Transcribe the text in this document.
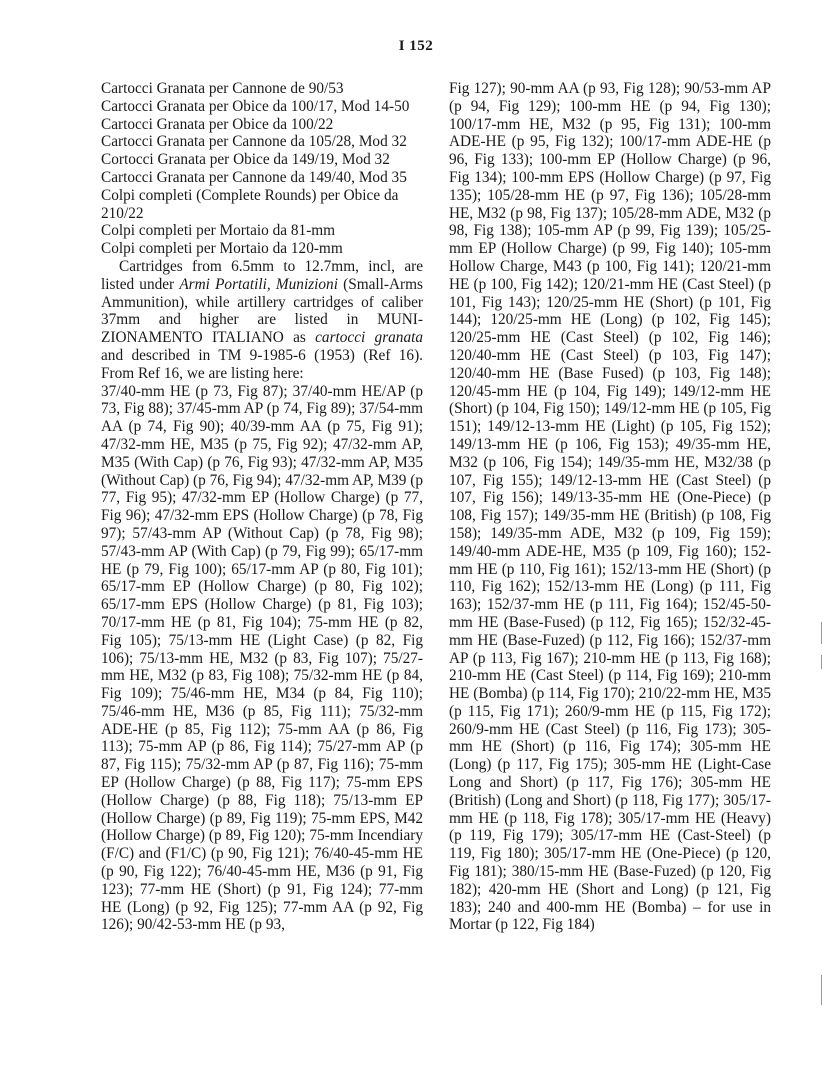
I 152

Cartocci Granata per Cannone de 90/53

Cartocci Granata per Obice da 100/17, Mod 14-50

Cartocci Granata per Obice da 100/22

Cartocci Granata per Cannone da 105/28, Mod 32

Cortocci Granata per Obice da 149/19, Mod 32

Cartocci Granata per Cannone da 149/40, Mod 35

Colpi completi (Complete Rounds) per Obice da 210/22

Colpi completi per Mortaio da 81-mm

Colpi completi per Mortaio da 120-mm

Cartridges from 6.5mm to 12.7mm, incl, are listed under Armi Portatili, Munizioni (Small-Arms Ammunition), while artillery cartridges of caliber 37mm and higher are listed in MUNI-ZIONAMENTO ITALIANO as cartocci granata and described in TM 9-1985-6 (1953) (Ref 16). From Ref 16, we are listing here:

37/40-mm HE (p 73, Fig 87); 37/40-mm HE/AP (p 73, Fig 88); 37/45-mm AP (p 74, Fig 89); 37/54-mm AA (p 74, Fig 90); 40/39-mm AA (p 75, Fig 91); 47/32-mm HE, M35 (p 75, Fig 92); 47/32-mm AP, M35 (With Cap) (p 76, Fig 93); 47/32-mm AP, M35 (Without Cap) (p 76, Fig 94); 47/32-mm AP, M39 (p 77, Fig 95); 47/32-mm EP (Hollow Charge) (p 77, Fig 96); 47/32-mm EPS (Hollow Charge) (p 78, Fig 97); 57/43-mm AP (Without Cap) (p 78, Fig 98); 57/43-mm AP (With Cap) (p 79, Fig 99); 65/17-mm HE (p 79, Fig 100); 65/17-mm AP (p 80, Fig 101); 65/17-mm EP (Hollow Charge) (p 80, Fig 102); 65/17-mm EPS (Hollow Charge) (p 81, Fig 103); 70/17-mm HE (p 81, Fig 104); 75-mm HE (p 82, Fig 105); 75/13-mm HE (Light Case) (p 82, Fig 106); 75/13-mm HE, M32 (p 83, Fig 107); 75/27-mm HE, M32 (p 83, Fig 108); 75/32-mm HE (p 84, Fig 109); 75/46-mm HE, M34 (p 84, Fig 110); 75/46-mm HE, M36 (p 85, Fig 111); 75/32-mm ADE-HE (p 85, Fig 112); 75-mm AA (p 86, Fig 113); 75-mm AP (p 86, Fig 114); 75/27-mm AP (p 87, Fig 115); 75/32-mm AP (p 87, Fig 116); 75-mm EP (Hollow Charge) (p 88, Fig 117); 75-mm EPS (Hollow Charge) (p 88, Fig 118); 75/13-mm EP (Hollow Charge) (p 89, Fig 119); 75-mm EPS, M42 (Hollow Charge) (p 89, Fig 120); 75-mm Incendiary (F/C) and (F1/C) (p 90, Fig 121); 76/40-45-mm HE (p 90, Fig 122); 76/40-45-mm HE, M36 (p 91, Fig 123); 77-mm HE (Short) (p 91, Fig 124); 77-mm HE (Long) (p 92, Fig 125); 77-mm AA (p 92, Fig 126); 90/42-53-mm HE (p 93,

Fig 127); 90-mm AA (p 93, Fig 128); 90/53-mm AP (p 94, Fig 129); 100-mm HE (p 94, Fig 130); 100/17-mm HE, M32 (p 95, Fig 131); 100-mm ADE-HE (p 95, Fig 132); 100/17-mm ADE-HE (p 96, Fig 133); 100-mm EP (Hollow Charge) (p 96, Fig 134); 100-mm EPS (Hollow Charge) (p 97, Fig 135); 105/28-mm HE (p 97, Fig 136); 105/28-mm HE, M32 (p 98, Fig 137); 105/28-mm ADE, M32 (p 98, Fig 138); 105-mm AP (p 99, Fig 139); 105/25-mm EP (Hollow Charge) (p 99, Fig 140); 105-mm Hollow Charge, M43 (p 100, Fig 141); 120/21-mm HE (p 100, Fig 142); 120/21-mm HE (Cast Steel) (p 101, Fig 143); 120/25-mm HE (Short) (p 101, Fig 144); 120/25-mm HE (Long) (p 102, Fig 145); 120/25-mm HE (Cast Steel) (p 102, Fig 146); 120/40-mm HE (Cast Steel) (p 103, Fig 147); 120/40-mm HE (Base Fused) (p 103, Fig 148); 120/45-mm HE (p 104, Fig 149); 149/12-mm HE (Short) (p 104, Fig 150); 149/12-mm HE (p 105, Fig 151); 149/12-13-mm HE (Light) (p 105, Fig 152); 149/13-mm HE (p 106, Fig 153); 49/35-mm HE, M32 (p 106, Fig 154); 149/35-mm HE, M32/38 (p 107, Fig 155); 149/12-13-mm HE (Cast Steel) (p 107, Fig 156); 149/13-35-mm HE (One-Piece) (p 108, Fig 157); 149/35-mm HE (British) (p 108, Fig 158); 149/35-mm ADE, M32 (p 109, Fig 159); 149/40-mm ADE-HE, M35 (p 109, Fig 160); 152-mm HE (p 110, Fig 161); 152/13-mm HE (Short) (p 110, Fig 162); 152/13-mm HE (Long) (p 111, Fig 163); 152/37-mm HE (p 111, Fig 164); 152/45-50-mm HE (Base-Fused) (p 112, Fig 165); 152/32-45-mm HE (Base-Fuzed) (p 112, Fig 166); 152/37-mm AP (p 113, Fig 167); 210-mm HE (p 113, Fig 168); 210-mm HE (Cast Steel) (p 114, Fig 169); 210-mm HE (Bomba) (p 114, Fig 170); 210/22-mm HE, M35 (p 115, Fig 171); 260/9-mm HE (p 115, Fig 172); 260/9-mm HE (Cast Steel) (p 116, Fig 173); 305-mm HE (Short) (p 116, Fig 174); 305-mm HE (Long) (p 117, Fig 175); 305-mm HE (Light-Case Long and Short) (p 117, Fig 176); 305-mm HE (British) (Long and Short) (p 118, Fig 177); 305/17-mm HE (p 118, Fig 178); 305/17-mm HE (Heavy) (p 119, Fig 179); 305/17-mm HE (Cast-Steel) (p 119, Fig 180); 305/17-mm HE (One-Piece) (p 120, Fig 181); 380/15-mm HE (Base-Fuzed) (p 120, Fig 182); 420-mm HE (Short and Long) (p 121, Fig 183); 240 and 400-mm HE (Bomba) – for use in Mortar (p 122, Fig 184)
